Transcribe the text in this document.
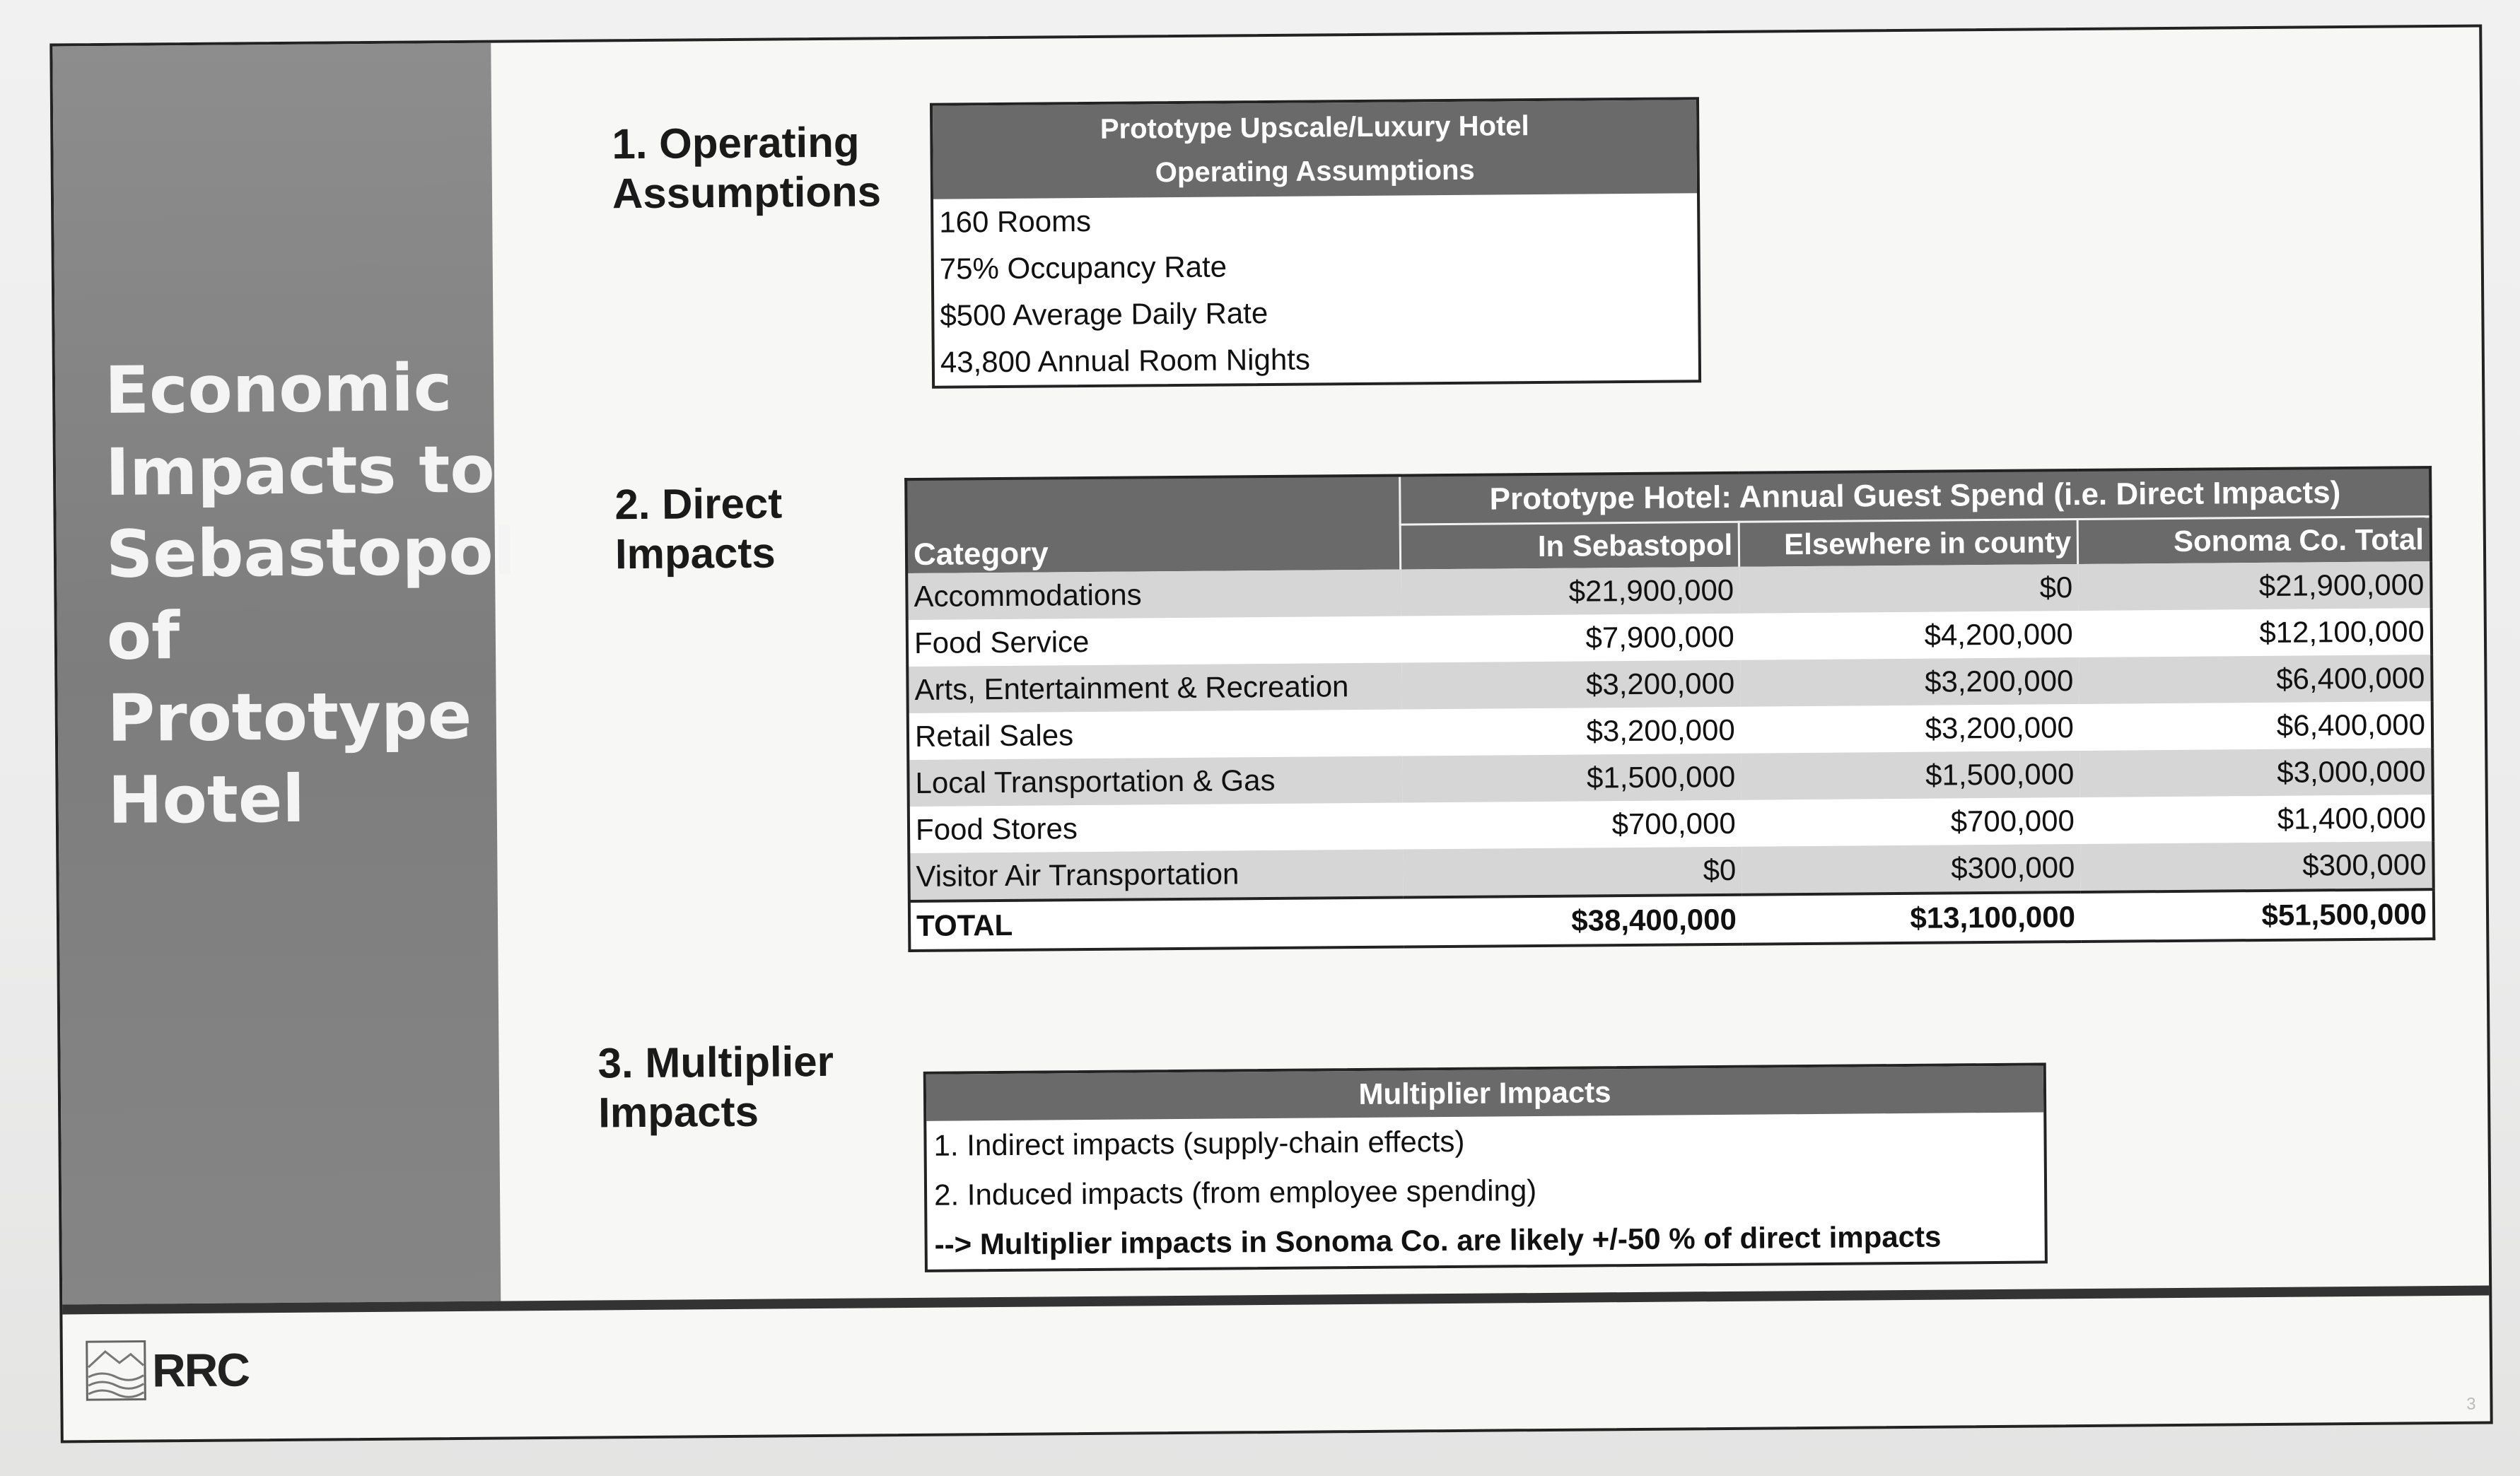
Economic
Impacts to
Sebastopol
of
Prototype
Hotel
1. Operating
Assumptions
2. Direct
Impacts
3. Multiplier
Impacts
Prototype Upscale/Luxury Hotel
Operating Assumptions
160 Rooms
75% Occupancy Rate
$500 Average Daily Rate
43,800 Annual Room Nights
Category	Prototype Hotel: Annual Guest Spend (i.e. Direct Impacts)		
	In Sebastopol	Elsewhere in county	Sonoma Co. Total
Accommodations	$21,900,000	$0	$21,900,000
Food Service	$7,900,000	$4,200,000	$12,100,000
Arts, Entertainment & Recreation	$3,200,000	$3,200,000	$6,400,000
Retail Sales	$3,200,000	$3,200,000	$6,400,000
Local Transportation & Gas	$1,500,000	$1,500,000	$3,000,000
Food Stores	$700,000	$700,000	$1,400,000
Visitor Air Transportation	$0	$300,000	$300,000
TOTAL	$38,400,000	$13,100,000	$51,500,000
Multiplier Impacts
1. Indirect impacts (supply-chain effects)
2. Induced impacts (from employee spending)
--> Multiplier impacts in Sonoma Co. are likely +/-50 % of direct impacts
RRC
3
